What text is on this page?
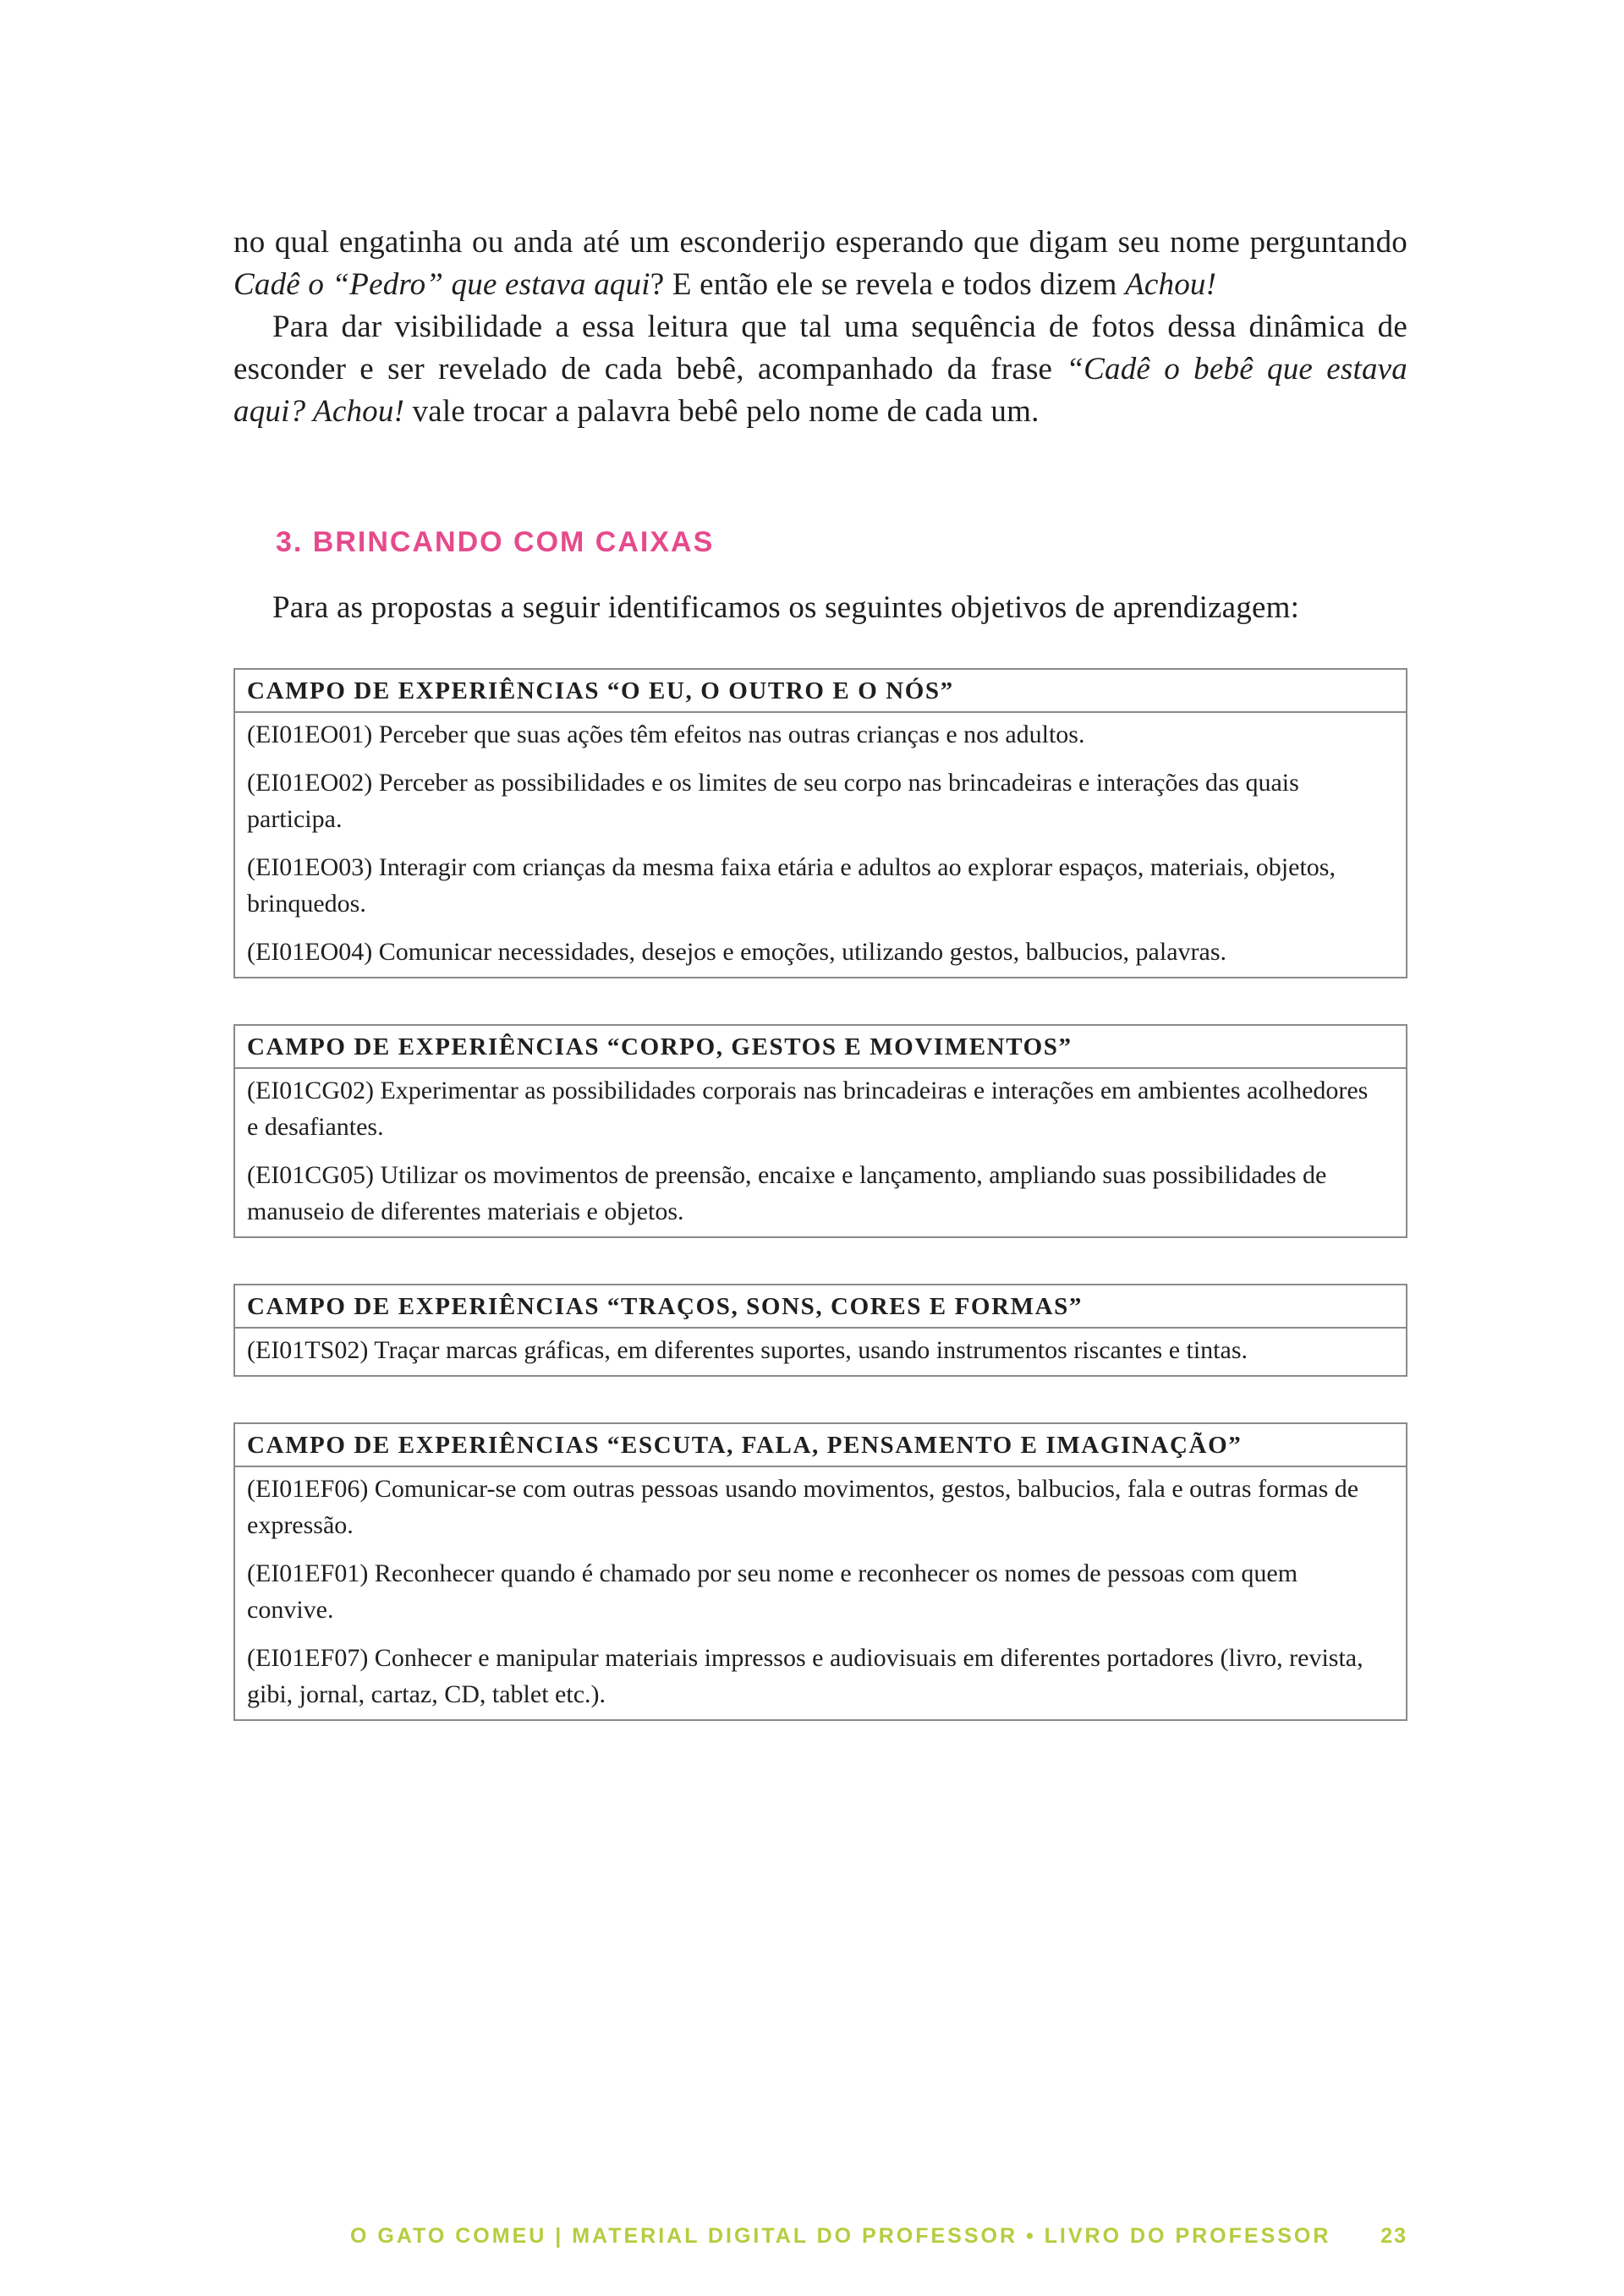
no qual engatinha ou anda até um esconderijo esperando que digam seu nome perguntando Cadê o “Pedro” que estava aqui? E então ele se revela e todos dizem Achou!

Para dar visibilidade a essa leitura que tal uma sequência de fotos dessa dinâmica de esconder e ser revelado de cada bebê, acompanhado da frase “Cadê o bebê que estava aqui? Achou! vale trocar a palavra bebê pelo nome de cada um.

3. BRINCANDO COM CAIXAS

Para as propostas a seguir identificamos os seguintes objetivos de aprendizagem:

CAMPO DE EXPERIÊNCIAS “O EU, O OUTRO E O NÓS”

(EI01EO01) Perceber que suas ações têm efeitos nas outras crianças e nos adultos.

(EI01EO02) Perceber as possibilidades e os limites de seu corpo nas brincadeiras e interações das quais participa.

(EI01EO03) Interagir com crianças da mesma faixa etária e adultos ao explorar espaços, materiais, objetos, brinquedos.

(EI01EO04) Comunicar necessidades, desejos e emoções, utilizando gestos, balbucios, palavras.

CAMPO DE EXPERIÊNCIAS “CORPO, GESTOS E MOVIMENTOS”

(EI01CG02) Experimentar as possibilidades corporais nas brincadeiras e interações em ambientes acolhedores e desafiantes.

(EI01CG05) Utilizar os movimentos de preensão, encaixe e lançamento, ampliando suas possibilidades de manuseio de diferentes materiais e objetos.

CAMPO DE EXPERIÊNCIAS “TRAÇOS, SONS, CORES E FORMAS”

(EI01TS02) Traçar marcas gráficas, em diferentes suportes, usando instrumentos riscantes e tintas.

CAMPO DE EXPERIÊNCIAS “ESCUTA, FALA, PENSAMENTO E IMAGINAÇÃO”

(EI01EF06) Comunicar-se com outras pessoas usando movimentos, gestos, balbucios, fala e outras formas de expressão.

(EI01EF01) Reconhecer quando é chamado por seu nome e reconhecer os nomes de pessoas com quem convive.

(EI01EF07) Conhecer e manipular materiais impressos e audiovisuais em diferentes portadores (livro, revista, gibi, jornal, cartaz, CD, tablet etc.).

O GATO COMEU | MATERIAL DIGITAL DO PROFESSOR • LIVRO DO PROFESSOR 23
